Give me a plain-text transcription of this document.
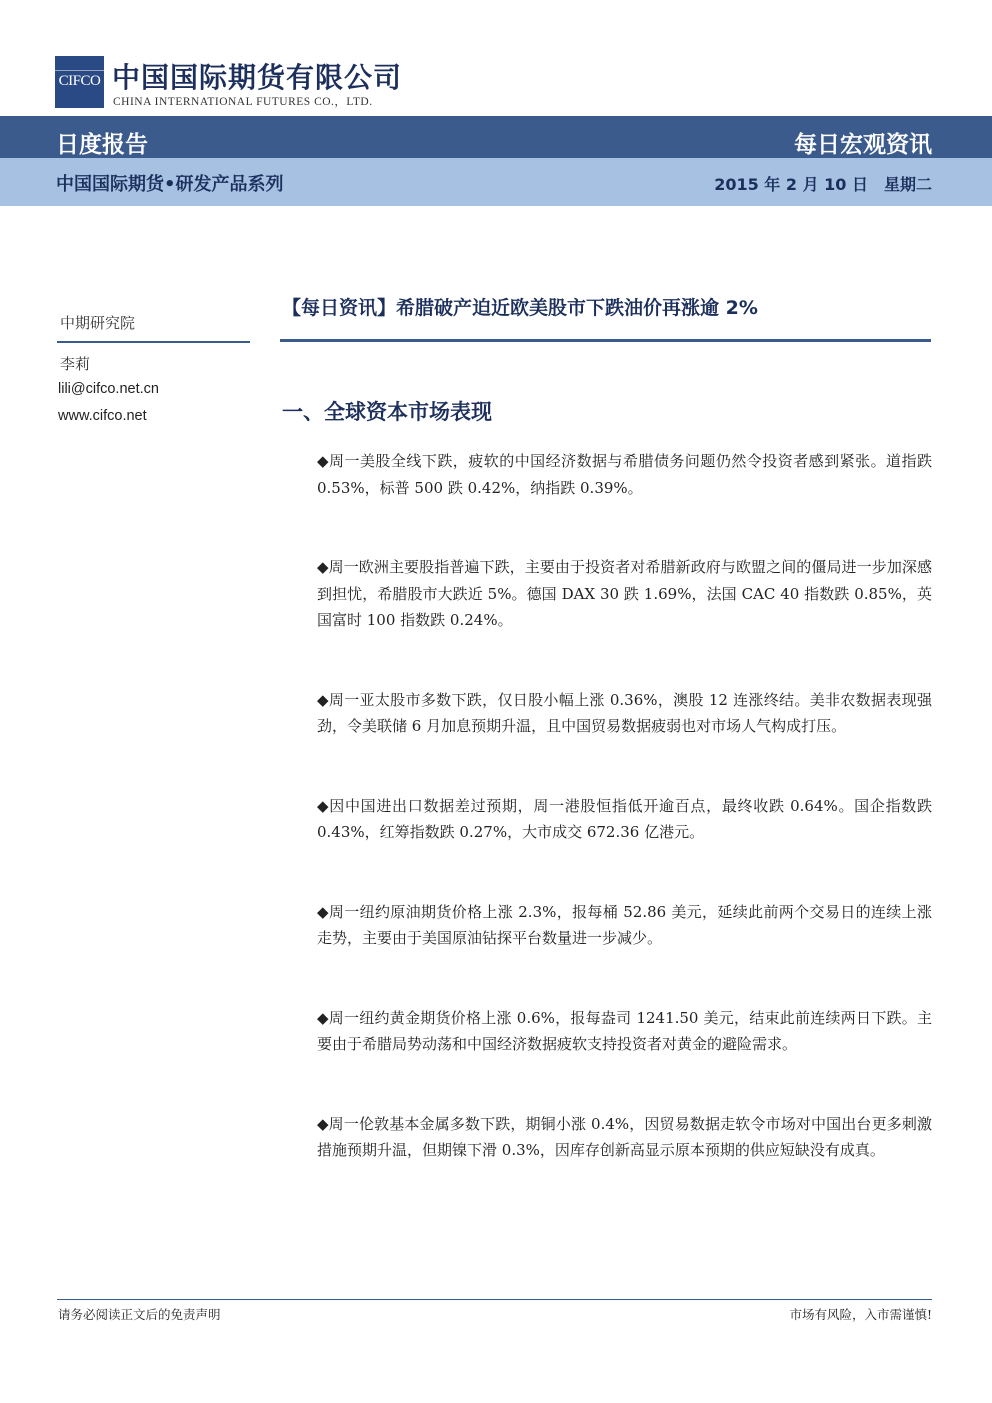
CIFCO 中国国际期货有限公司
CHINA INTERNATIONAL FUTURES CO.，LTD.
日度报告	每日宏观资讯
中国国际期货•研发产品系列	2015 年 2 月 10 日　星期二
中期研究院
李莉
lili@cifco.net.cn
www.cifco.net
【每日资讯】希腊破产迫近欧美股市下跌油价再涨逾 2%
一、全球资本市场表现
◆周一美股全线下跌，疲软的中国经济数据与希腊债务问题仍然令投资者感到紧张。道指跌 0.53%，标普 500 跌 0.42%，纳指跌 0.39%。
◆周一欧洲主要股指普遍下跌，主要由于投资者对希腊新政府与欧盟之间的僵局进一步加深感到担忧，希腊股市大跌近 5%。德国 DAX 30 跌 1.69%，法国 CAC 40 指数跌 0.85%，英国富时 100 指数跌 0.24%。
◆周一亚太股市多数下跌，仅日股小幅上涨 0.36%，澳股 12 连涨终结。美非农数据表现强劲，令美联储 6 月加息预期升温，且中国贸易数据疲弱也对市场人气构成打压。
◆因中国进出口数据差过预期，周一港股恒指低开逾百点，最终收跌 0.64%。国企指数跌 0.43%，红筹指数跌 0.27%，大市成交 672.36 亿港元。
◆周一纽约原油期货价格上涨 2.3%，报每桶 52.86 美元，延续此前两个交易日的连续上涨走势，主要由于美国原油钻探平台数量进一步减少。
◆周一纽约黄金期货价格上涨 0.6%，报每盎司 1241.50 美元，结束此前连续两日下跌。主要由于希腊局势动荡和中国经济数据疲软支持投资者对黄金的避险需求。
◆周一伦敦基本金属多数下跌，期铜小涨 0.4%，因贸易数据走软令市场对中国出台更多刺激措施预期升温，但期镍下滑 0.3%，因库存创新高显示原本预期的供应短缺没有成真。
请务必阅读正文后的免责声明	市场有风险，入市需谨慎!
